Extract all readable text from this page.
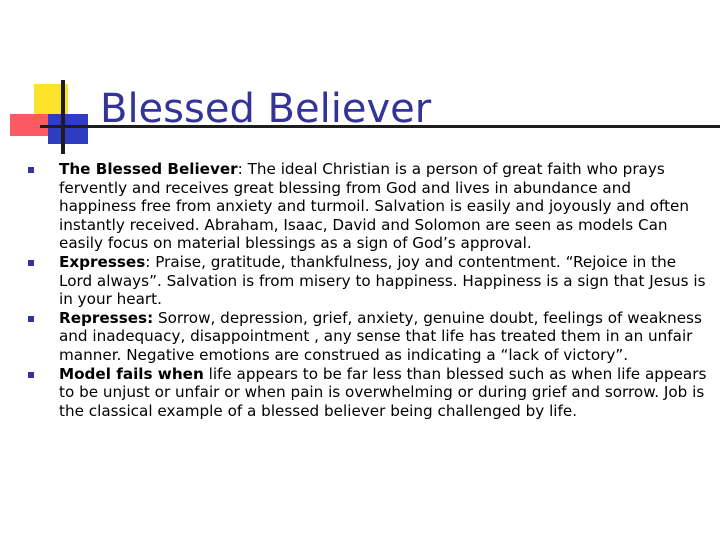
Blessed Believer
The Blessed Believer: The ideal Christian is a person of great faith who prays fervently and receives great blessing from God and lives in abundance and happiness free from anxiety and turmoil. Salvation is easily and joyously and often instantly received. Abraham, Isaac, David and Solomon are seen as models Can easily focus on material blessings as a sign of God’s approval.
Expresses: Praise, gratitude, thankfulness, joy and contentment. “Rejoice in the Lord always”. Salvation is from misery to happiness. Happiness is a sign that Jesus is in your heart.
Represses: Sorrow, depression, grief, anxiety, genuine doubt, feelings of weakness and inadequacy, disappointment , any sense that life has treated them in an unfair manner. Negative emotions are construed as indicating a “lack of victory”.
Model fails when life appears to be far less than blessed such as when life appears to be unjust or unfair or when pain is overwhelming or during grief and sorrow. Job is the classical example of a blessed believer being challenged by life.
